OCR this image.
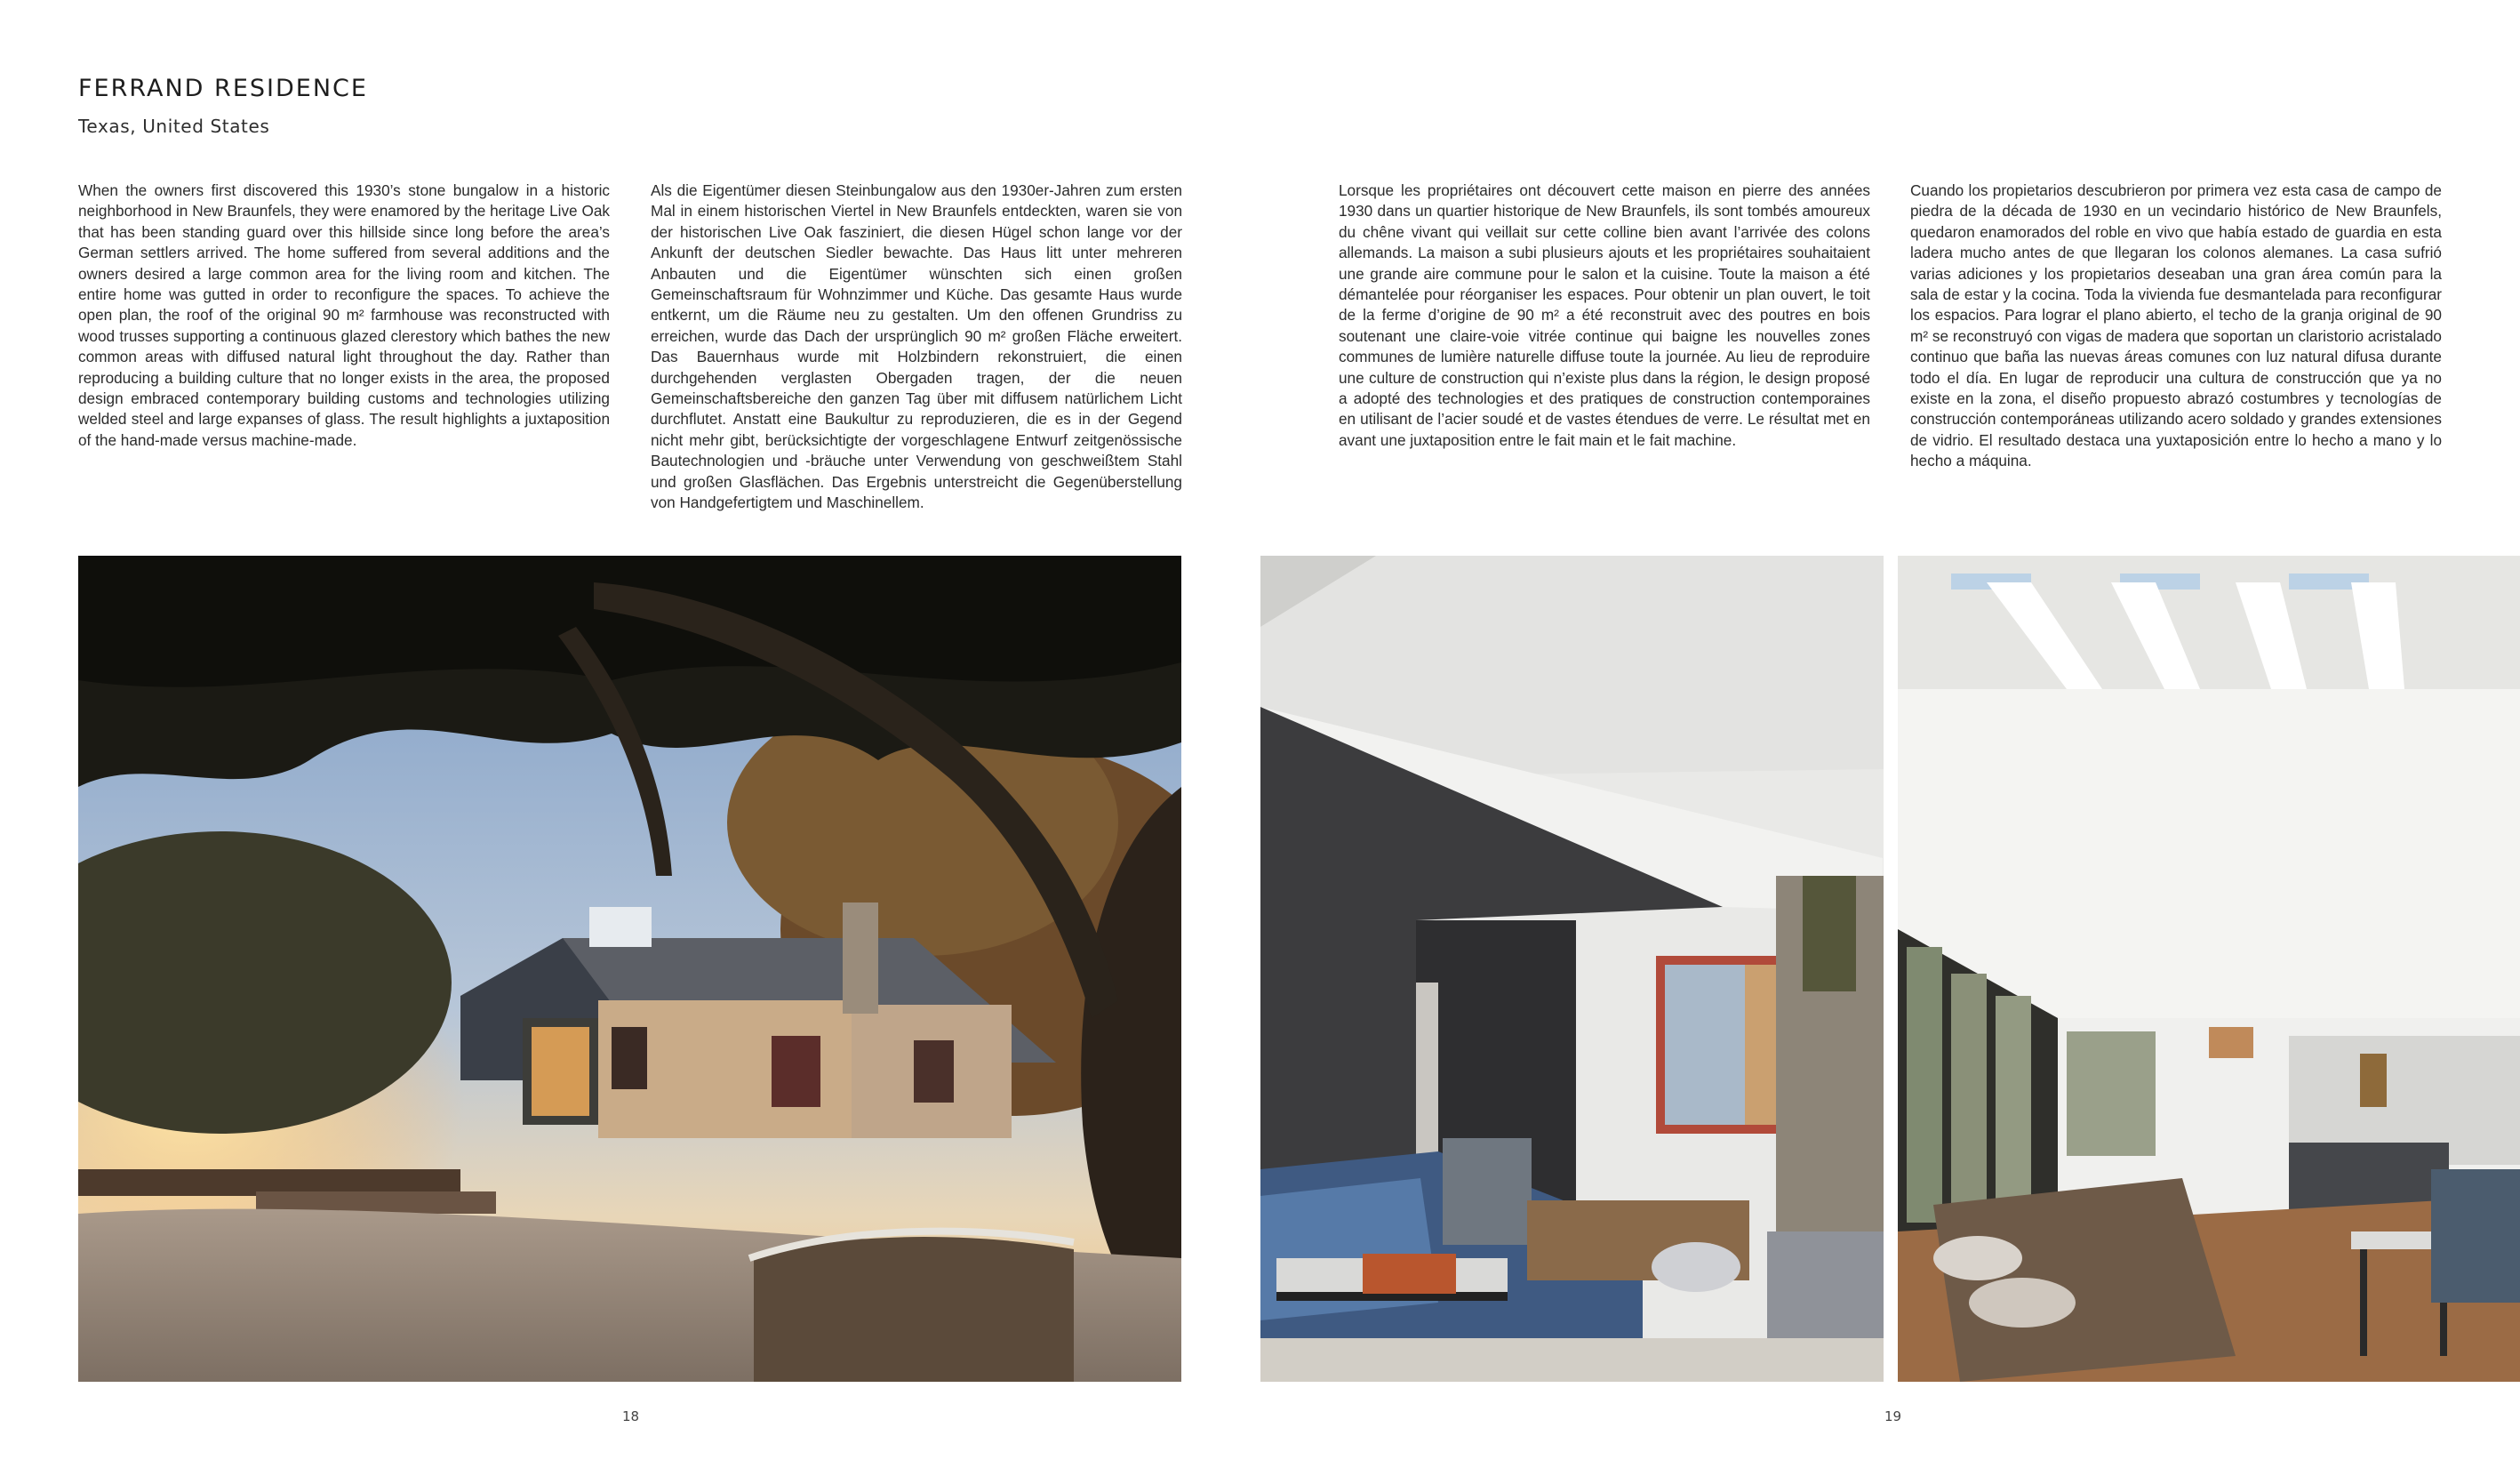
FERRAND RESIDENCE
Texas, United States
When the owners first discovered this 1930’s stone bungalow in a historic neighborhood in New Braunfels, they were enamored by the heritage Live Oak that has been standing guard over this hillside since long before the area’s German settlers arrived. The home suffered from several additions and the owners desired a large common area for the living room and kitchen. The entire home was gutted in order to reconfigure the spaces. To achieve the open plan, the roof of the original 90 m² farmhouse was reconstructed with wood trusses supporting a continuous glazed clerestory which bathes the new common areas with diffused natural light throughout the day. Rather than reproducing a building culture that no longer exists in the area, the proposed design embraced contemporary building customs and technologies utilizing welded steel and large expanses of glass. The result highlights a juxtaposition of the hand-made versus machine-made.
Als die Eigentümer diesen Steinbungalow aus den 1930er-Jahren zum ersten Mal in einem historischen Viertel in New Braunfels entdeckten, waren sie von der historischen Live Oak fasziniert, die diesen Hügel schon lange vor der Ankunft der deutschen Siedler bewachte. Das Haus litt unter mehreren Anbauten und die Eigentümer wünschten sich einen großen Gemeinschaftsraum für Wohnzimmer und Küche. Das gesamte Haus wurde entkernt, um die Räume neu zu gestalten. Um den offenen Grundriss zu erreichen, wurde das Dach der ursprünglich 90 m² großen Fläche erweitert. Das Bauernhaus wurde mit Holzbindern rekonstruiert, die einen durchgehenden verglasten Obergaden tragen, der die neuen Gemeinschaftsbereiche den ganzen Tag über mit diffusem natürlichem Licht durchflutet. Anstatt eine Baukultur zu reproduzieren, die es in der Gegend nicht mehr gibt, berücksichtigte der vorgeschlagene Entwurf zeitgenössische Bautechnologien und -bräuche unter Verwendung von geschweißtem Stahl und großen Glasflächen. Das Ergebnis unterstreicht die Gegenüberstellung von Handgefertigtem und Maschinellem.
Lorsque les propriétaires ont découvert cette maison en pierre des années 1930 dans un quartier historique de New Braunfels, ils sont tombés amoureux du chêne vivant qui veillait sur cette colline bien avant l’arrivée des colons allemands. La maison a subi plusieurs ajouts et les propriétaires souhaitaient une grande aire commune pour le salon et la cuisine. Toute la maison a été démantelée pour réorganiser les espaces. Pour obtenir un plan ouvert, le toit de la ferme d’origine de 90 m² a été reconstruit avec des poutres en bois soutenant une claire-voie vitrée continue qui baigne les nouvelles zones communes de lumière naturelle diffuse toute la journée. Au lieu de reproduire une culture de construction qui n’existe plus dans la région, le design proposé a adopté des technologies et des pratiques de construction contemporaines en utilisant de l’acier soudé et de vastes étendues de verre. Le résultat met en avant une juxtaposition entre le fait main et le fait machine.
Cuando los propietarios descubrieron por primera vez esta casa de campo de piedra de la década de 1930 en un vecindario histórico de New Braunfels, quedaron enamorados del roble en vivo que había estado de guardia en esta ladera mucho antes de que llegaran los colonos alemanes. La casa sufrió varias adiciones y los propietarios deseaban una gran área común para la sala de estar y la cocina. Toda la vivienda fue desmantelada para reconfigurar los espacios. Para lograr el plano abierto, el techo de la granja original de 90 m² se reconstruyó con vigas de madera que soportan un claristorio acristalado continuo que baña las nuevas áreas comunes con luz natural difusa durante todo el día. En lugar de reproducir una cultura de construcción que ya no existe en la zona, el diseño propuesto abrazó costumbres y tecnologías de construcción contemporáneas utilizando acero soldado y grandes extensiones de vidrio. El resultado destaca una yuxtaposición entre lo hecho a mano y lo hecho a máquina.
18	19
